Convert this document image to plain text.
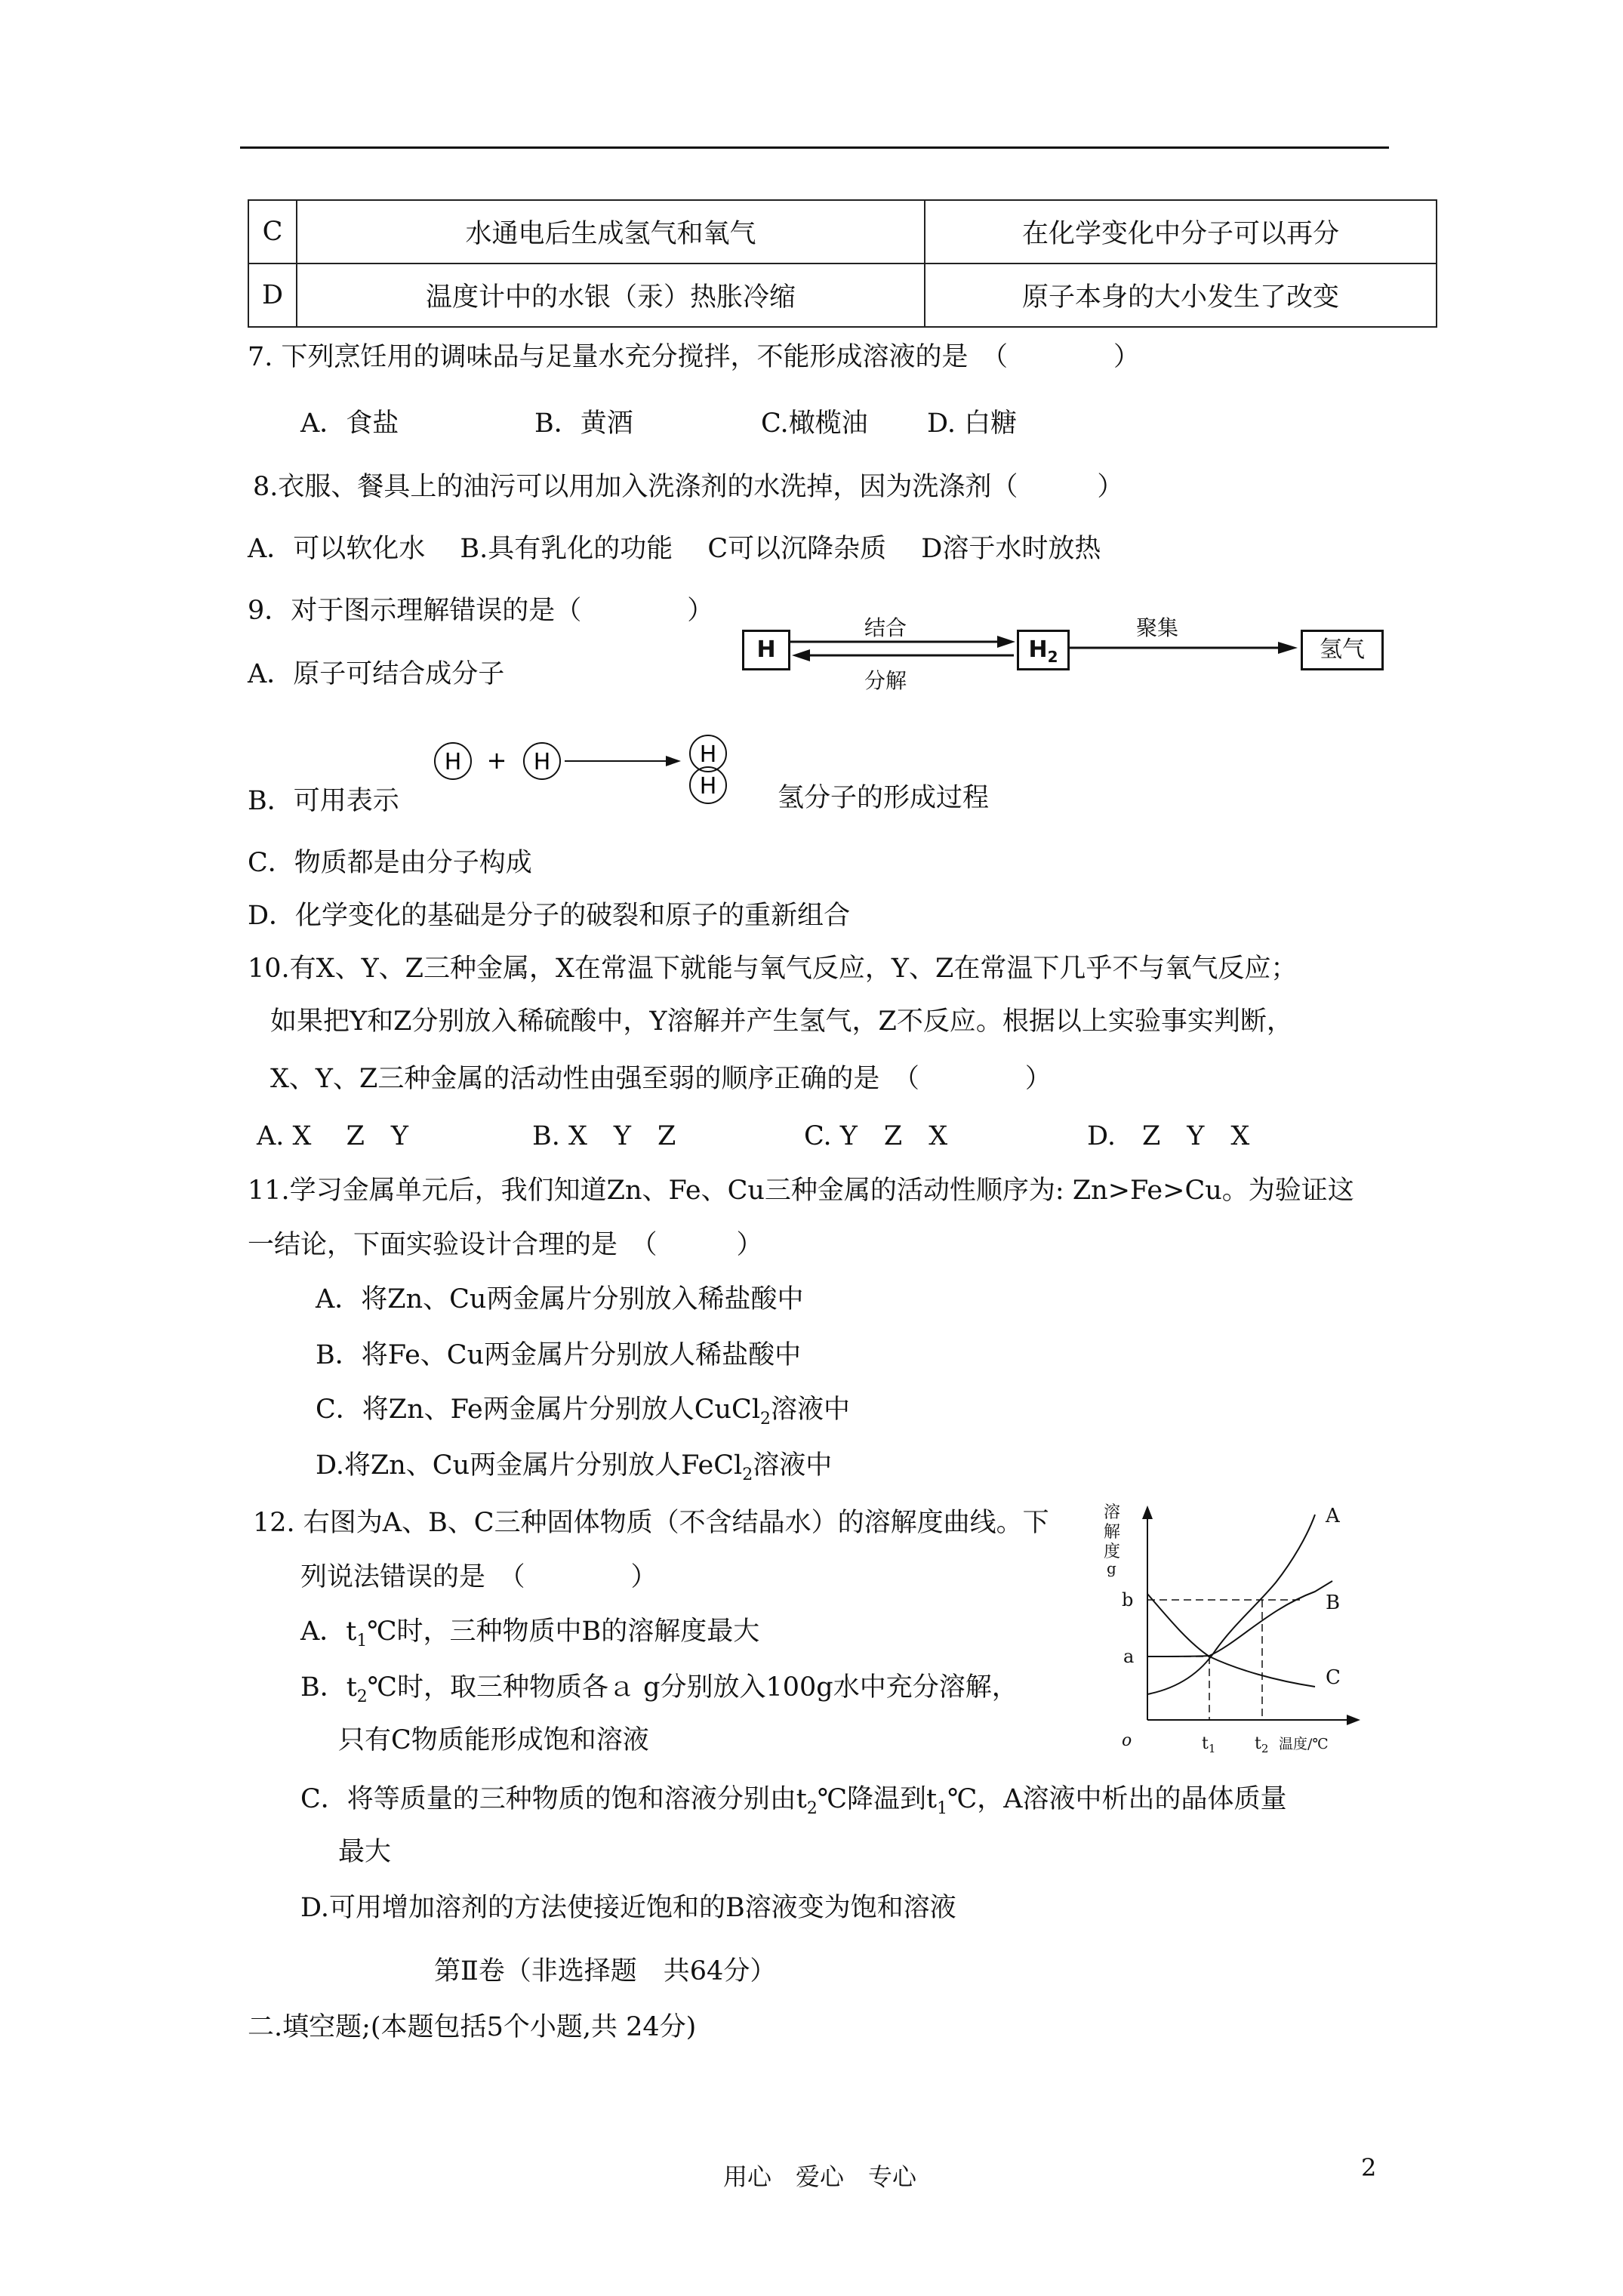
C	水通电后生成氢气和氧气	在化学变化中分子可以再分
D	温度计中的水银（汞）热胀冷缩	原子本身的大小发生了改变
7. 下列烹饪用的调味品与足量水充分搅拌，不能形成溶液的是　（　　　　）
A．食盐	B．黄酒	C.橄榄油 D. 白糖
8.衣服、餐具上的油污可以用加入洗涤剂的水洗掉，因为洗涤剂（　　　）
A．可以软化水　 B.具有乳化的功能　 C可以沉降杂质　 D溶于水时放热
9．对于图示理解错误的是（　　　　）
H	$H_2$	氢气
结合
分解
聚集
A．原子可结合成分子
H + H	H
H
B．可用表示	氢分子的形成过程
C．物质都是由分子构成
D．化学变化的基础是分子的破裂和原子的重新组合
10.有X、Y、Z三种金属，X在常温下就能与氧气反应，Y、Z在常温下几乎不与氧气反应；
如果把Y和Z分别放入稀硫酸中，Y溶解并产生氢气，Z不反应。根据以上实验事实判断，
X、Y、Z三种金属的活动性由强至弱的顺序正确的是　（　　　　）
A. X　 Z　Y	B. X　Y　Z	C. Y　Z　X	D.　Z　Y　X
11.学习金属单元后，我们知道Zn、Fe、Cu三种金属的活动性顺序为: Zn>Fe>Cu。为验证这
一结论，下面实验设计合理的是　（　　　）
A．将Zn、Cu两金属片分别放入稀盐酸中
B．将Fe、Cu两金属片分别放人稀盐酸中
C．将Zn、Fe两金属片分别放人CuCl$_2$溶液中
D.将Zn、Cu两金属片分别放人FeCl$_2$溶液中
12. 右图为A、B、C三种固体物质（不含结晶水）的溶解度曲线。下
列说法错误的是　（　　　　）
A．$t_1℃$时，三种物质中B的溶解度最大
B．$t_2℃$时，取三种物质各ａ g分别放入100g水中充分溶解，
只有C物质能形成饱和溶液
C．将等质量的三种物质的饱和溶液分别由$t_2℃$降温到$t_1℃$，A溶液中析出的晶体质量
最大
D.可用增加溶剂的方法使接近饱和的B溶液变为饱和溶液
溶
解
度
g
A
B
C
b
a
o	$t_1$ $t_2$ 温度/℃
第Ⅱ卷（非选择题　共64分）
二.填空题;(本题包括5个小题,共 24分)
用心　爱心　专心	2
